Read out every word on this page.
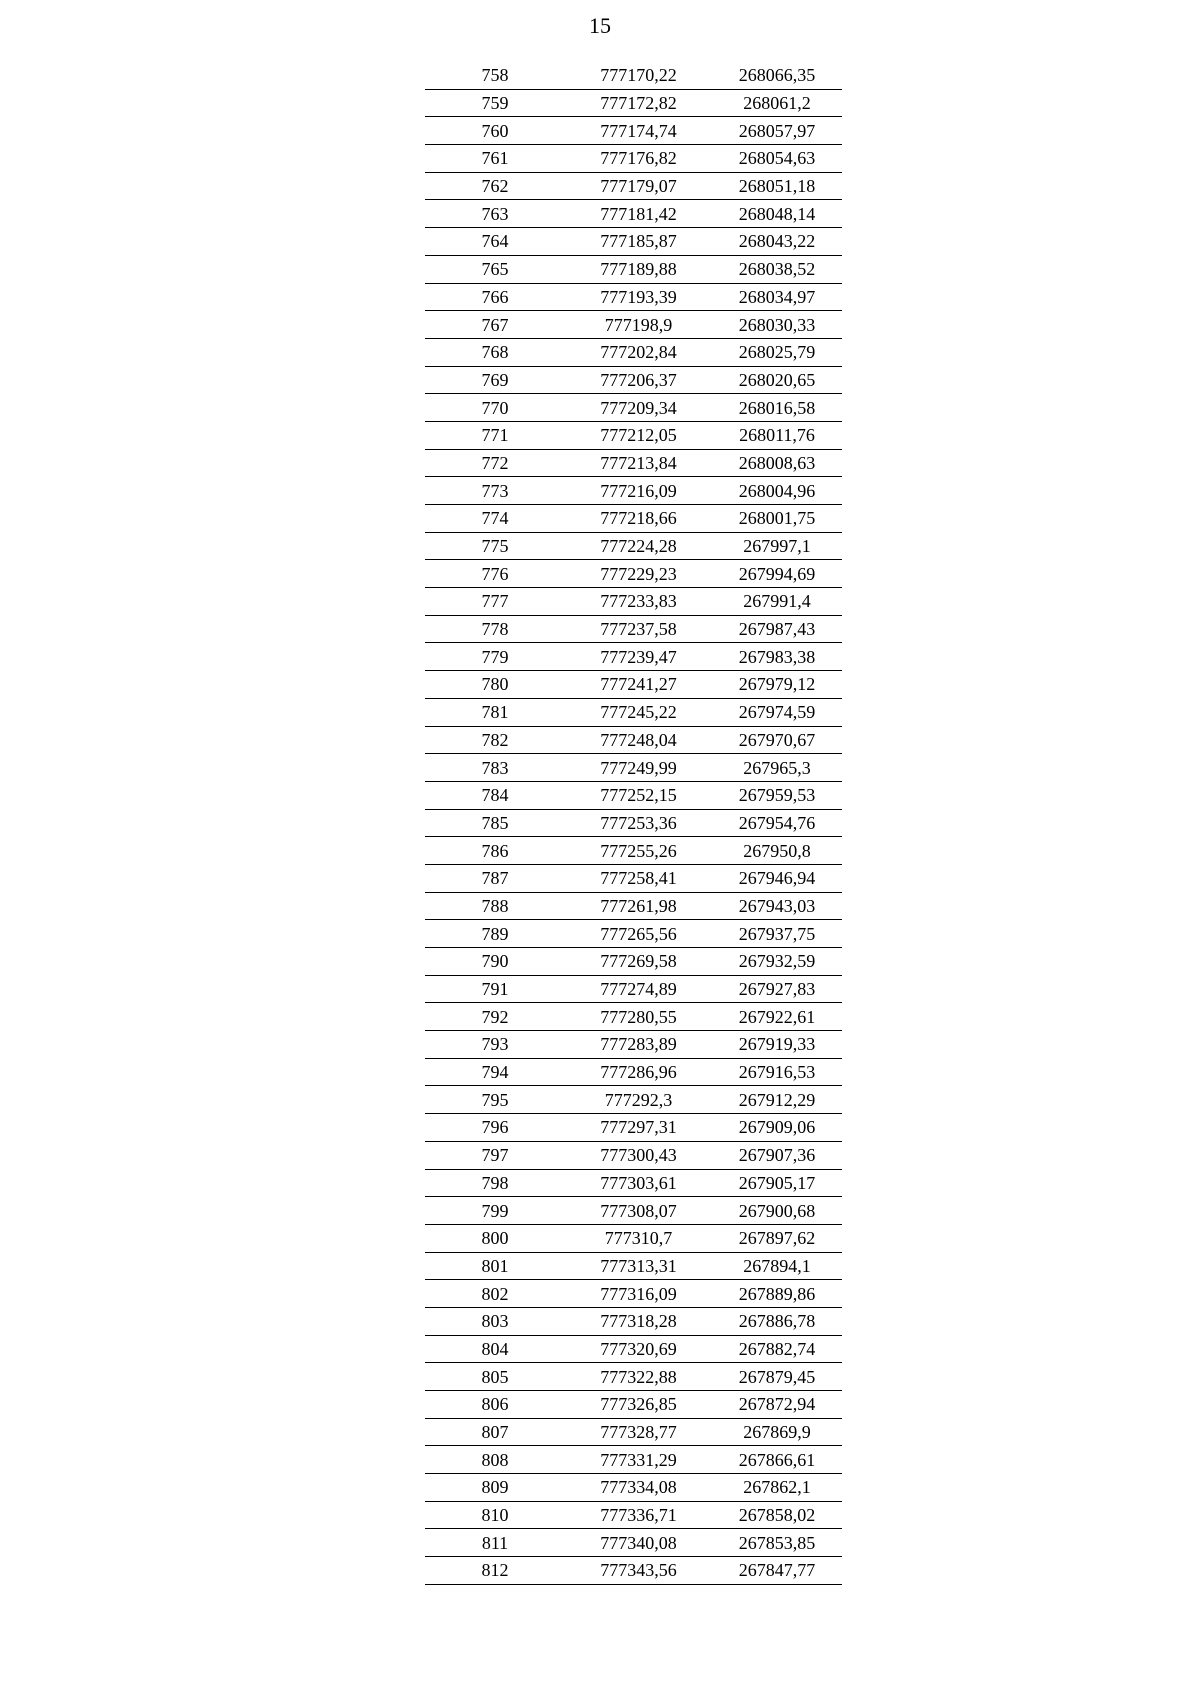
15
758	777170,22	268066,35
759	777172,82	268061,2
760	777174,74	268057,97
761	777176,82	268054,63
762	777179,07	268051,18
763	777181,42	268048,14
764	777185,87	268043,22
765	777189,88	268038,52
766	777193,39	268034,97
767	777198,9	268030,33
768	777202,84	268025,79
769	777206,37	268020,65
770	777209,34	268016,58
771	777212,05	268011,76
772	777213,84	268008,63
773	777216,09	268004,96
774	777218,66	268001,75
775	777224,28	267997,1
776	777229,23	267994,69
777	777233,83	267991,4
778	777237,58	267987,43
779	777239,47	267983,38
780	777241,27	267979,12
781	777245,22	267974,59
782	777248,04	267970,67
783	777249,99	267965,3
784	777252,15	267959,53
785	777253,36	267954,76
786	777255,26	267950,8
787	777258,41	267946,94
788	777261,98	267943,03
789	777265,56	267937,75
790	777269,58	267932,59
791	777274,89	267927,83
792	777280,55	267922,61
793	777283,89	267919,33
794	777286,96	267916,53
795	777292,3	267912,29
796	777297,31	267909,06
797	777300,43	267907,36
798	777303,61	267905,17
799	777308,07	267900,68
800	777310,7	267897,62
801	777313,31	267894,1
802	777316,09	267889,86
803	777318,28	267886,78
804	777320,69	267882,74
805	777322,88	267879,45
806	777326,85	267872,94
807	777328,77	267869,9
808	777331,29	267866,61
809	777334,08	267862,1
810	777336,71	267858,02
811	777340,08	267853,85
812	777343,56	267847,77
